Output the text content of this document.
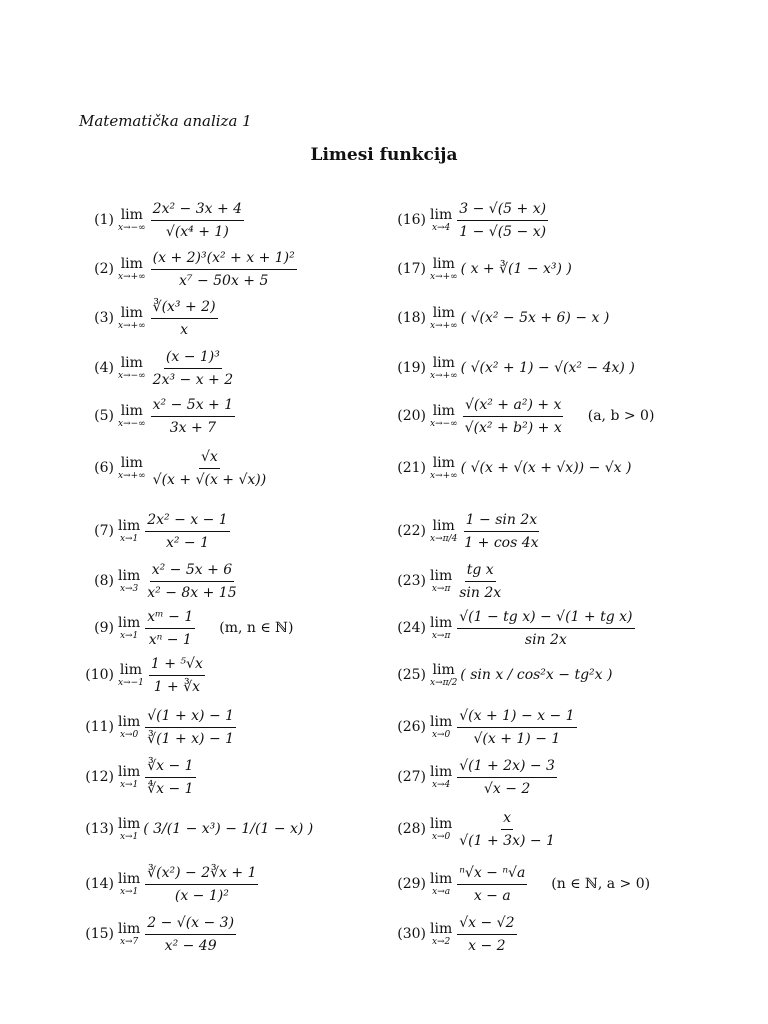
Matematička analiza 1
Limesi funkcija
(1) lim
$x\to-\infty \frac{\text{2x² − 3x + 4}}{\text{√(x⁴ + 1)}}$
(2) lim
$x\to+\infty \frac{\text{(x + 2)³(x² + x + 1)²}}{\text{x⁷ − 50x + 5}}$
(3) lim
$x\to+\infty \frac{\text{∛(x³ + 2)}}{x}$
(4) lim
$x\to-\infty \frac{\text{(x − 1)³}}{\text{2x³ − x + 2}}$
(5) lim
$x\to-\infty \frac{\text{x² − 5x + 1}}{3x + 7}$
(6) lim
$x\to+\infty \frac{√x}{√(x + √(x + √x))}$
(7) lim
$x\to 1 \frac{\text{2x² − x − 1}}{\text{x² − 1}}$
(8) lim
$x\to 3 \frac{\text{x² − 5x + 6}}{\text{x² − 8x + 15}}$
(9) lim
$x\to 1 \frac{\text{xᵐ − 1}}{\text{xⁿ − 1}} (m$, n ∈ ℕ)
(10) lim
$x\to-1 \frac{\text{1 + ⁵√x}}{1 + ∛x}$
(11) lim
$x\to 0 \frac{√(1 + x) - 1}{∛(1 + x) - 1}$
(12) lim
$x\to 1 \frac{∛x - 1}{∜x - 1}$
(13) lim
x→1 ( 3/(1 − x³) − 1/(1 − x) )
(14) lim
$x\to 1 \frac{\text{∛(x²) − 2∛x + 1}}{\text{(x − 1)²}}$
(15) lim
$x\to 7 \frac{2 - √(x - 3)}{\text{x² − 49}}$
(16) lim
$x\to 4 \frac{3 - √(5 + x)}{1 - √(5 - x)}$
(17) lim
x→+∞ ( x + ∛(1 − x³) )
(18) lim
x→+∞ ( √(x² − 5x + 6) − x )
(19) lim
x→+∞ ( √(x² + 1) − √(x² − 4x) )
(20) lim
$x\to-\infty \frac{\text{√(x² + a²) + x}}{\text{√(x² + b²) + x}} (a$, b > 0)
(21) lim
x→+∞ ( √(x + √(x + √x)) − √x )
(22) lim
$x\to\pi/4 \frac{1 - \sin 2x}{1 + \cos 4x}$
(23) lim
$x\to\pi \frac{\text{tg x}}{\sin 2x}$
(24) lim
$x\to\pi \frac{\text{√(1 − tg x) − √(1 + tg x)}}{\sin 2x}$
(25) lim
x→π/2 ( sin x / cos²x − tg²x )
(26) lim
$x\to 0 \frac{√(x + 1) - x - 1}{√(x + 1) - 1}$
(27) lim
$x\to 4 \frac{√(1 + 2x) - 3}{√x - 2}$
(28) lim
$x\to 0 \frac{x}{√(1 + 3x) - 1}$
(29) lim
$x\to a \frac{\text{ⁿ√x − ⁿ√a}}{x - a} (n$ ∈ ℕ, a > 0)
(30) lim
$x\to 2 \frac{√x - √2}{x - 2}$
